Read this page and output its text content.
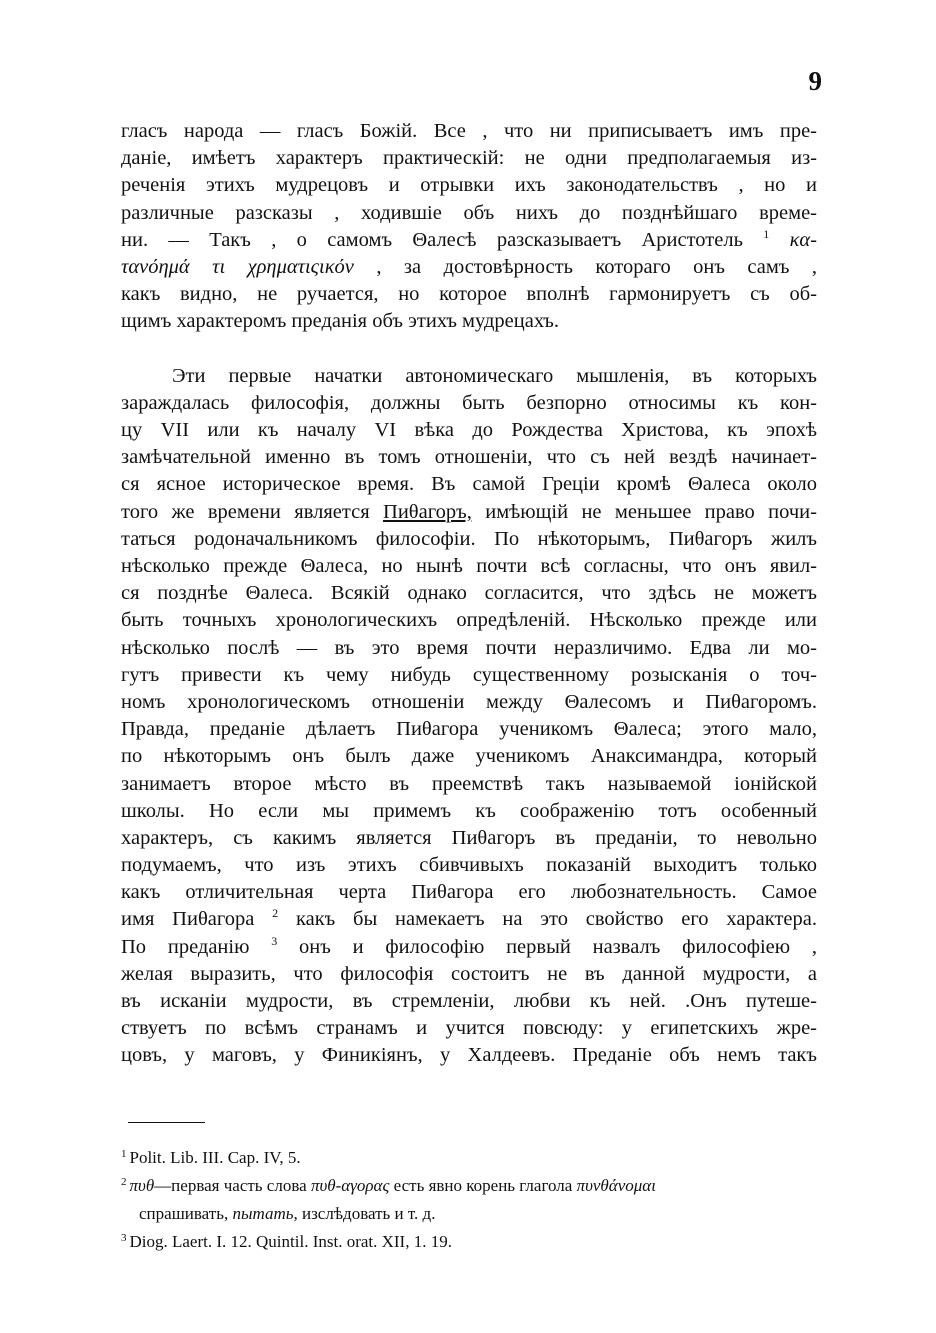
9
гласъ народа — гласъ Божій. Все , что ни приписываетъ имъ пре-
даніе, имѣетъ характеръ практическій: не одни предполагаемыя из-
реченія этихъ мудрецовъ и отрывки ихъ законодательствъ , но и
различные разсказы , ходившіе объ нихъ до позднѣйшаго време-
ни. — Такъ , о самомъ Θалесѣ разсказываетъ Аристотель $^1$ κα-
τανόημά τι χρηματιςικόν , за достовѣрность котораго онъ самъ ,
какъ видно, не ручается, но которое вполнѣ гармонируетъ съ об-
щимъ характеромъ преданія объ этихъ мудрецахъ.
Эти первые начатки автономическаго мышленія, въ которыхъ
зараждалась философія, должны быть безпорно относимы къ кон-
цу VII или къ началу VI вѣка до Рождества Христова, къ эпохѣ
замѣчательной именно въ томъ отношеніи, что съ ней вездѣ начинает-
ся ясное историческое время. Въ самой Греціи кромѣ Θалеса около
того же времени является Пиθагоръ, имѣющій не меньшее право почи-
таться родоначальникомъ философіи. По нѣкоторымъ, Пиθагоръ жилъ
нѣсколько прежде Θалеса, но нынѣ почти всѣ согласны, что онъ явил-
ся позднѣе Θалеса. Всякій однако согласится, что здѣсь не можетъ
быть точныхъ хронологическихъ опредѣленій. Нѣсколько прежде или
нѣсколько послѣ — въ это время почти неразличимо. Едва ли мо-
гутъ привести къ чему нибудь существенному розысканія о точ-
номъ хронологическомъ отношеніи между Θалесомъ и Пиθагоромъ.
Правда, преданіе дѣлаетъ Пиθагора ученикомъ Θалеса; этого мало,
по нѣкоторымъ онъ былъ даже ученикомъ Анаксимандра, который
занимаетъ второе мѣсто въ преемствѣ такъ называемой іонійской
школы. Но если мы примемъ къ соображенію тотъ особенный
характеръ, съ какимъ является Пиθагоръ въ преданіи, то невольно
подумаемъ, что изъ этихъ сбивчивыхъ показаній выходитъ только
какъ отличительная черта Пиθагора его любознательность. Самое
имя Пиθагора $^2$ какъ бы намекаетъ на это свойство его характера.
По преданію $^3$ онъ и философію первый назвалъ философіею ,
желая выразить, что философія состоитъ не въ данной мудрости, а
въ исканіи мудрости, въ стремленіи, любви къ ней. .Онъ путеше-
ствуетъ по всѣмъ странамъ и учится повсюду: у египетскихъ жре-
цовъ, у маговъ, у Финикіянъ, у Халдеевъ. Преданіе объ немъ такъ
$^1$ Polit. Lib. III. Cap. IV, 5.
$^2$ πυθ—первая часть слова πυθ-αγορας есть явно корень глагола πυνθάνομαι
спрашивать, пытать, изслѣдовать и т. д.
$^3$ Diog. Laert. I. 12. Quintil. Inst. orat. XII, 1. 19.
